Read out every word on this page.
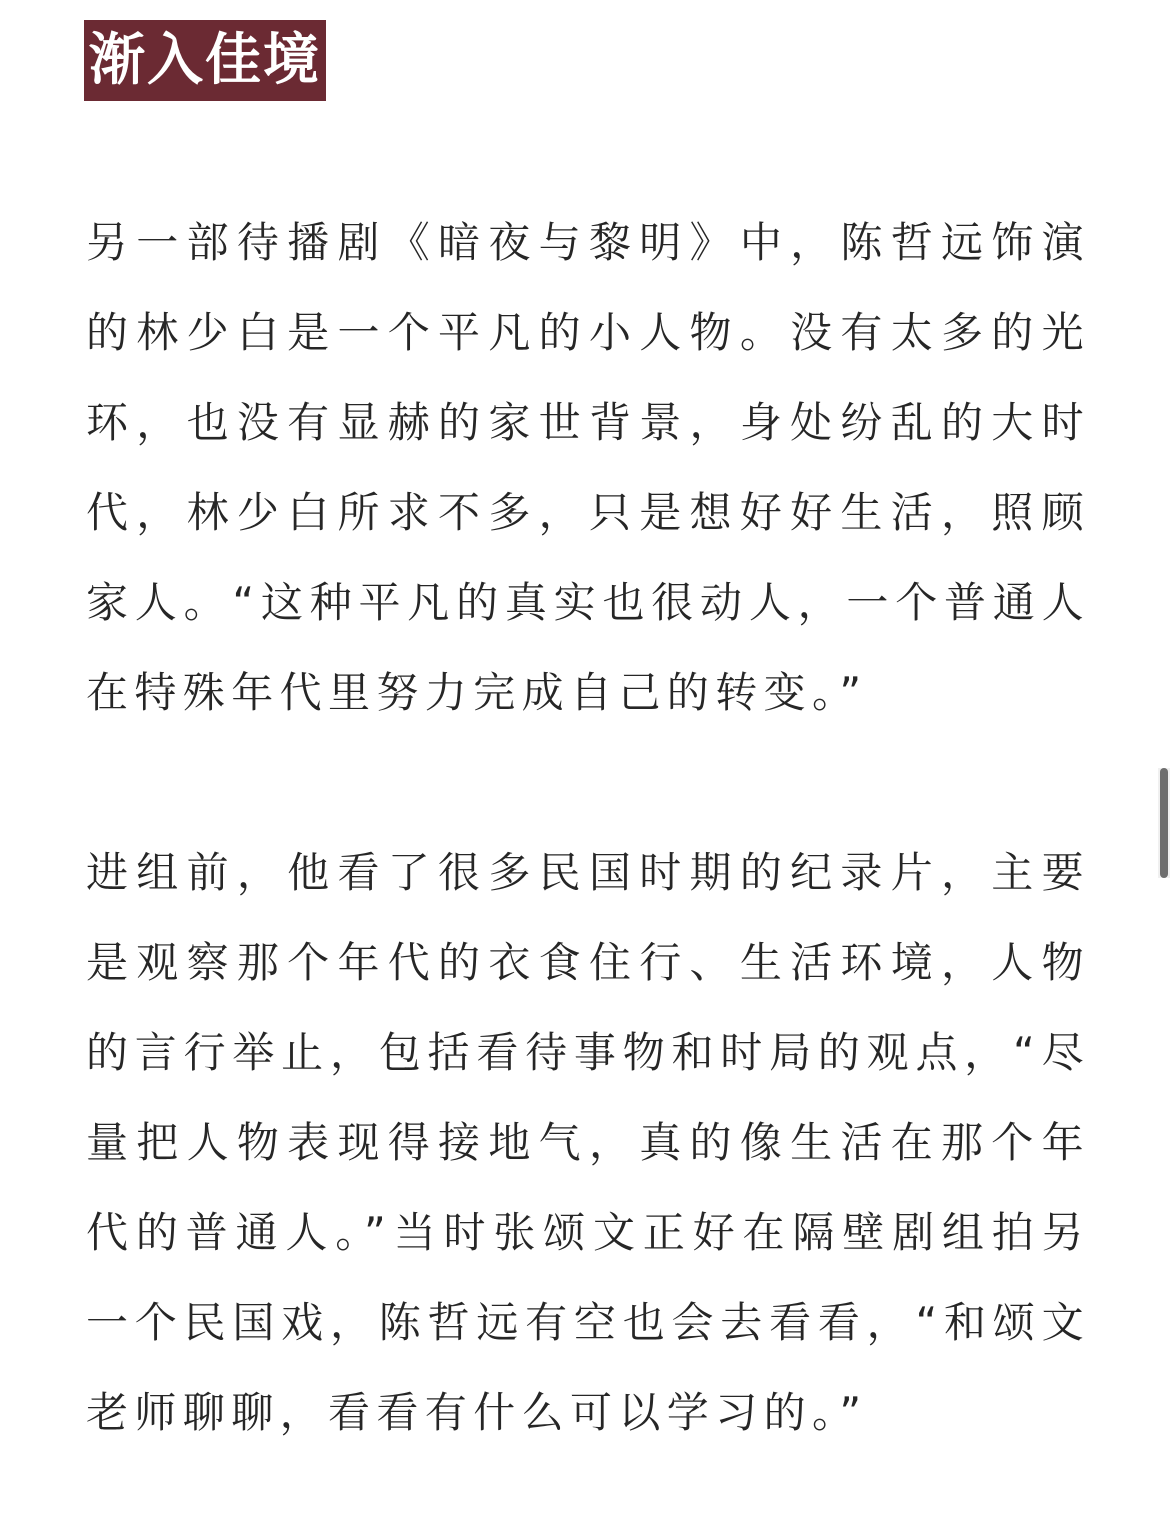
渐入佳境

另一部待播剧《暗夜与黎明》中，陈哲远饰演的林少白是一个平凡的小人物。没有太多的光环，也没有显赫的家世背景，身处纷乱的大时代，林少白所求不多，只是想好好生活，照顾家人。“这种平凡的真实也很动人，一个普通人在特殊年代里努力完成自己的转变。”

进组前，他看了很多民国时期的纪录片，主要是观察那个年代的衣食住行、生活环境，人物的言行举止，包括看待事物和时局的观点，“尽量把人物表现得接地气，真的像生活在那个年代的普通人。”当时张颂文正好在隔壁剧组拍另一个民国戏，陈哲远有空也会去看看，“和颂文老师聊聊，看看有什么可以学习的。”
